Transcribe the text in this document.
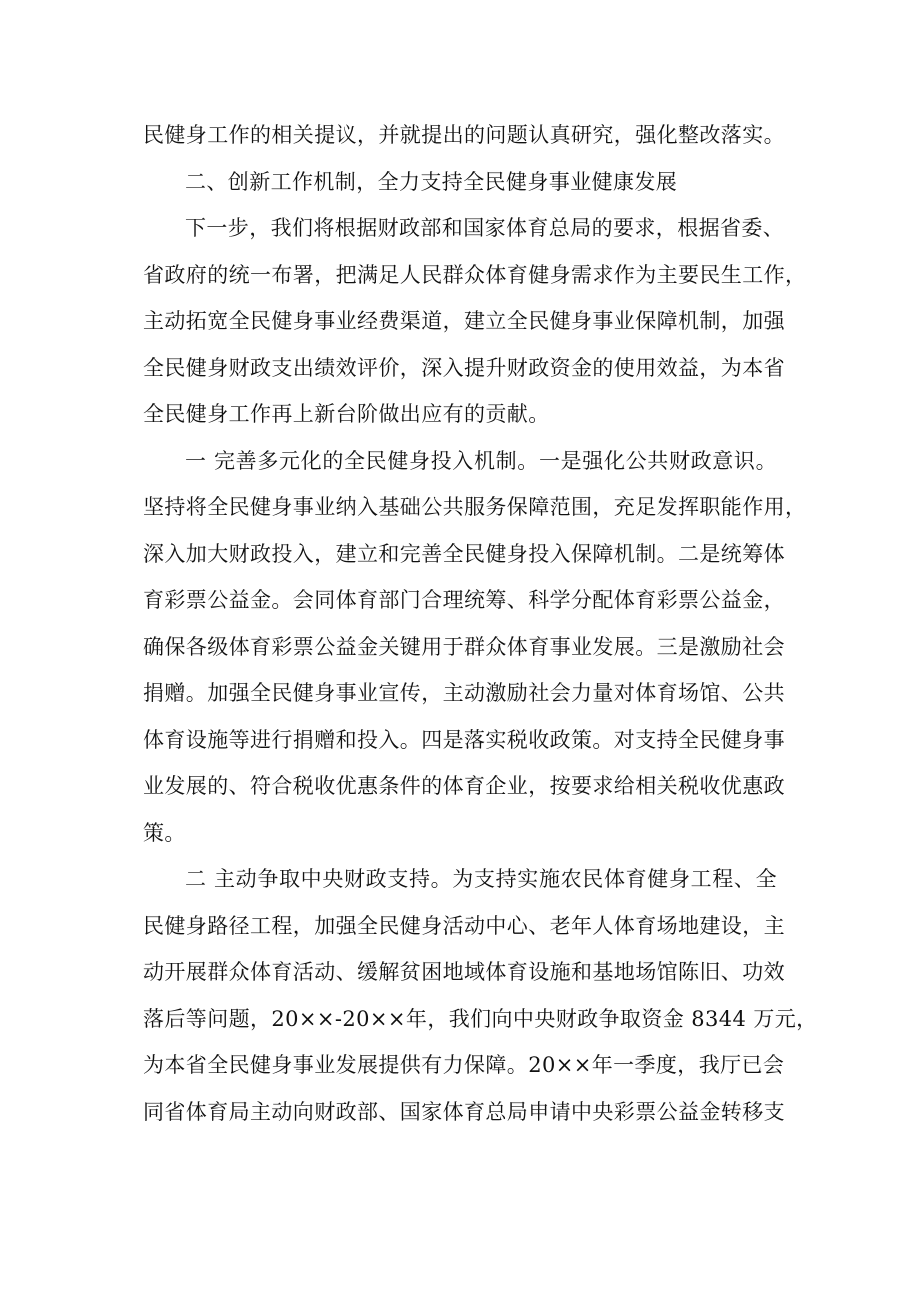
民健身工作的相关提议，并就提出的问题认真研究，强化整改落实。
二、创新工作机制，全力支持全民健身事业健康发展
下一步，我们将根据财政部和国家体育总局的要求，根据省委、
省政府的统一布署，把满足人民群众体育健身需求作为主要民生工作，
主动拓宽全民健身事业经费渠道，建立全民健身事业保障机制，加强
全民健身财政支出绩效评价，深入提升财政资金的使用效益，为本省
全民健身工作再上新台阶做出应有的贡献。
一 完善多元化的全民健身投入机制。一是强化公共财政意识。
坚持将全民健身事业纳入基础公共服务保障范围，充足发挥职能作用，
深入加大财政投入，建立和完善全民健身投入保障机制。二是统筹体
育彩票公益金。会同体育部门合理统筹、科学分配体育彩票公益金，
确保各级体育彩票公益金关键用于群众体育事业发展。三是激励社会
捐赠。加强全民健身事业宣传，主动激励社会力量对体育场馆、公共
体育设施等进行捐赠和投入。四是落实税收政策。对支持全民健身事
业发展的、符合税收优惠条件的体育企业，按要求给相关税收优惠政
策。
二 主动争取中央财政支持。为支持实施农民体育健身工程、全
民健身路径工程，加强全民健身活动中心、老年人体育场地建设，主
动开展群众体育活动、缓解贫困地域体育设施和基地场馆陈旧、功效
落后等问题，20××-20××年，我们向中央财政争取资金 8344 万元，
为本省全民健身事业发展提供有力保障。20××年一季度，我厅已会
同省体育局主动向财政部、国家体育总局申请中央彩票公益金转移支
